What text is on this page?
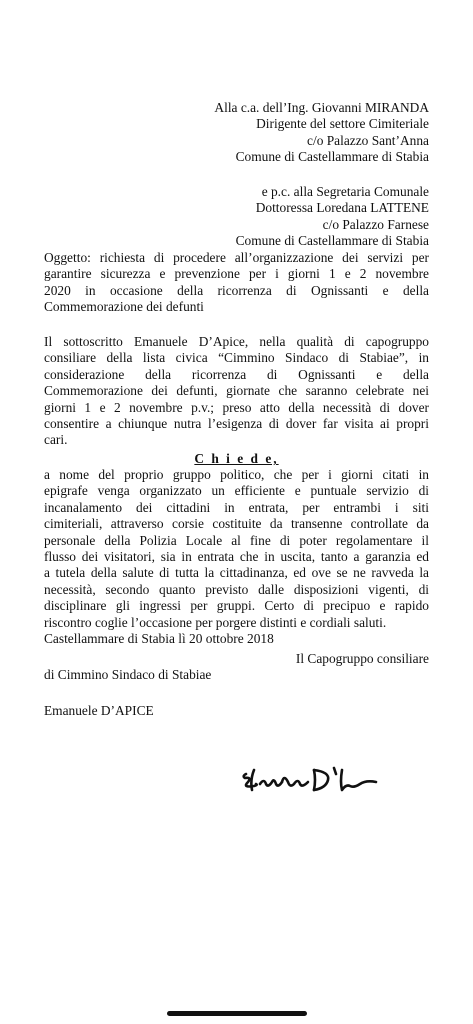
Alla c.a. dell’Ing. Giovanni MIRANDA
Dirigente del settore Cimiteriale
c/o Palazzo Sant’Anna
Comune di Castellammare di Stabia
e p.c. alla Segretaria Comunale
Dottoressa Loredana LATTENE
c/o Palazzo Farnese
Comune di Castellammare di Stabia
Oggetto: richiesta di procedere all’organizzazione dei servizi per
garantire sicurezza e prevenzione per i giorni 1 e 2 novembre
2020 in occasione della ricorrenza di Ognissanti e della
Commemorazione dei defunti
Il sottoscritto Emanuele D’Apice, nella qualità di capogruppo
consiliare della lista civica “Cimmino Sindaco di Stabiae”, in
considerazione della ricorrenza di Ognissanti e della
Commemorazione dei defunti, giornate che saranno celebrate nei
giorni 1 e 2 novembre p.v.; preso atto della necessità di dover
consentire a chiunque nutra l’esigenza di dover far visita ai propri
cari.
C h i e d e,
a nome del proprio gruppo politico, che per i giorni citati in
epigrafe venga organizzato un efficiente e puntuale servizio di
incanalamento dei cittadini in entrata, per entrambi i siti
cimiteriali, attraverso corsie costituite da transenne controllate da
personale della Polizia Locale al fine di poter regolamentare il
flusso dei visitatori, sia in entrata che in uscita, tanto a garanzia ed
a tutela della salute di tutta la cittadinanza, ed ove se ne ravveda la
necessità, secondo quanto previsto dalle disposizioni vigenti, di
disciplinare gli ingressi per gruppi. Certo di precipuo e rapido
riscontro coglie l’occasione per porgere distinti e cordiali saluti.
Castellammare di Stabia lì 20 ottobre 2018
Il Capogruppo consiliare
di Cimmino Sindaco di Stabiae
Emanuele D’APICE
